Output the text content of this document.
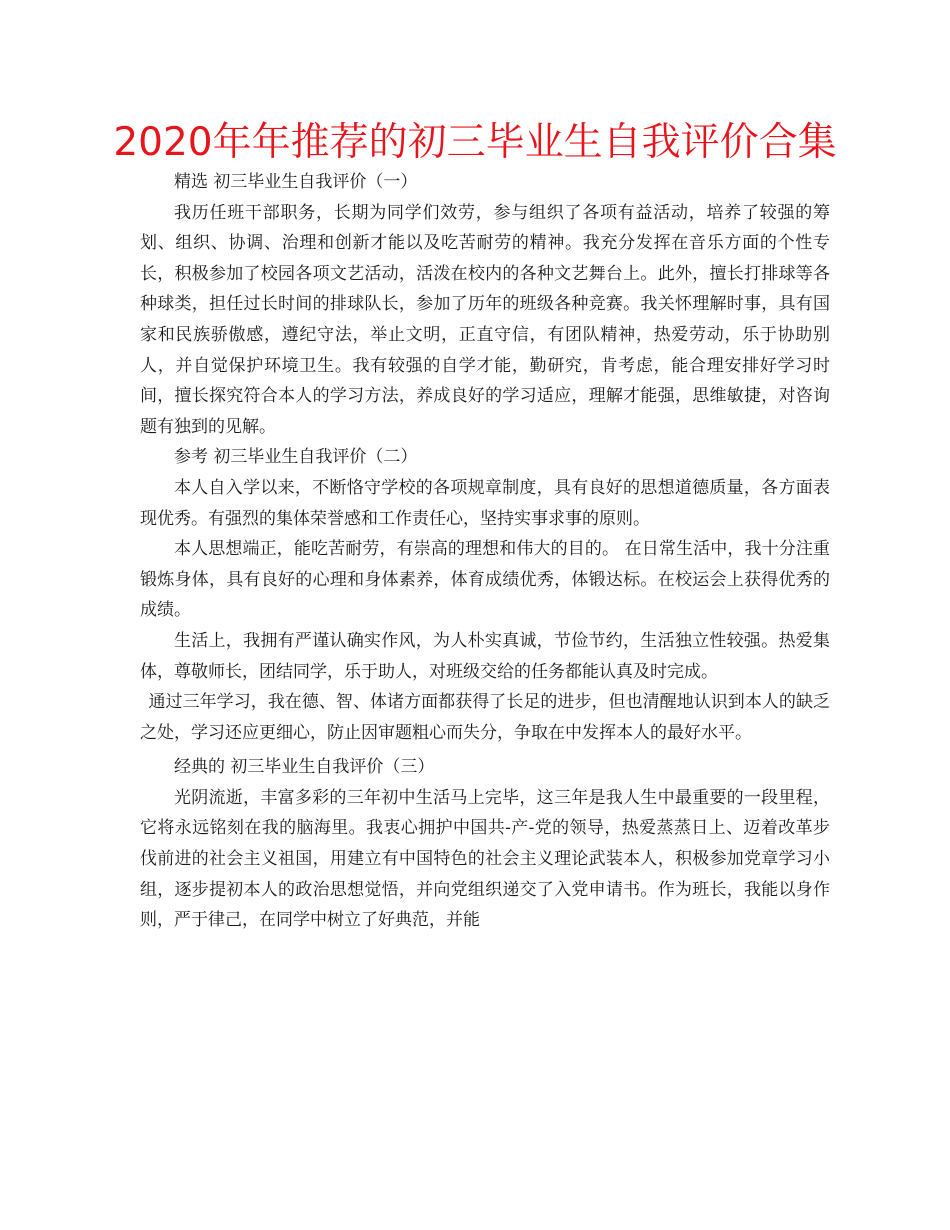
2020年年推荐的初三毕业生自我评价合集

精选 初三毕业生自我评价（一）

我历任班干部职务，长期为同学们效劳，参与组织了各项有益活动，培养了较强的筹划、组织、协调、治理和创新才能以及吃苦耐劳的精神。我充分发挥在音乐方面的个性专长，积极参加了校园各项文艺活动，活泼在校内的各种文艺舞台上。此外，擅长打排球等各种球类，担任过长时间的排球队长，参加了历年的班级各种竞赛。我关怀理解时事，具有国家和民族骄傲感，遵纪守法，举止文明，正直守信，有团队精神，热爱劳动，乐于协助别人，并自觉保护环境卫生。我有较强的自学才能，勤研究，肯考虑，能合理安排好学习时间，擅长探究符合本人的学习方法，养成良好的学习适应，理解才能强，思维敏捷，对咨询题有独到的见解。

参考 初三毕业生自我评价（二）

本人自入学以来，不断恪守学校的各项规章制度，具有良好的思想道德质量，各方面表现优秀。有强烈的集体荣誉感和工作责任心，坚持实事求事的原则。

本人思想端正，能吃苦耐劳，有崇高的理想和伟大的目的。 在日常生活中，我十分注重锻炼身体，具有良好的心理和身体素养，体育成绩优秀，体锻达标。在校运会上获得优秀的成绩。

生活上，我拥有严谨认确实作风，为人朴实真诚，节俭节约，生活独立性较强。热爱集体，尊敬师长，团结同学，乐于助人，对班级交给的任务都能认真及时完成。

通过三年学习，我在德、智、体诸方面都获得了长足的进步，但也清醒地认识到本人的缺乏之处，学习还应更细心，防止因审题粗心而失分，争取在中发挥本人的最好水平。

经典的 初三毕业生自我评价（三）

光阴流逝，丰富多彩的三年初中生活马上完毕，这三年是我人生中最重要的一段里程，它将永远铭刻在我的脑海里。我衷心拥护中国共-产-党的领导，热爱蒸蒸日上、迈着改革步伐前进的社会主义祖国，用建立有中国特色的社会主义理论武装本人，积极参加党章学习小组，逐步提初本人的政治思想觉悟，并向党组织递交了入党申请书。作为班长，我能以身作则，严于律己，在同学中树立了好典范，并能
